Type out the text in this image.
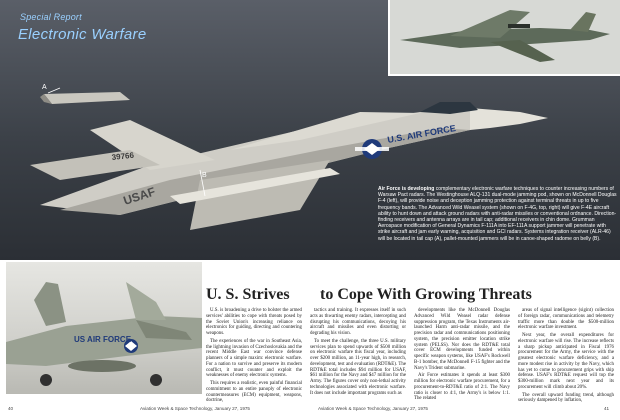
39766
U.S. AIR FORCE
USAF
Special Report
Electronic Warfare
A
B
Air Force is developing complementary electronic warfare techniques to counter increasing numbers of Warsaw Pact radars. The Westinghouse ALQ-131 dual-mode jamming pod, shown on McDonnell Douglas F-4 (left), will provide noise and deception jamming protection against terminal threats in up to five frequency bands. The Advanced Wild Weasel system (shown on F-4G, top, right) will give F-4E aircraft ability to hunt down and attack ground radars with anti-radar missiles or conventional ordnance. Direction-finding receivers and antenna arrays are in tail cap; additional receivers in chin dome. Grumman Aerospace modification of General Dynamics F-111A into EF-111A support jammer will penetrate with strike aircraft and jam early warning, acquisition and GCI radars. Systems integration receiver (ALR-46) will be located in tail cap (A), pallet-mounted jammers will be in canoe-shaped radome on belly (B).
US AIR FORCE
U. S. Strives to Cope With Growing Threats

U.S. is broadening a drive to bolster the armed services' abilities to cope with threats posed by the Soviet Union's increasing reliance on electronics for guiding, directing and countering weapons.

The experiences of the war in Southeast Asia, the lightning invasion of Czechoslovakia and the recent Middle East war convince defense planners of a simple maxim: electronic warfare. For a nation to survive and preserve its modern conflict, it must counter and exploit the weaknesses of enemy electronic systems.

This requires a realistic, even painful financial commitment to an entire panoply of electronic countermeasures (ECM) equipment, weapons, doctrine,

tactics and training. It expresses itself in such acts as thwarting enemy radars, intercepting and disrupting his communications, decoying his aircraft and missiles and even distorting or degrading his vision.

To meet the challenge, the three U.S. military services plan to spend upwards of $500 million on electronic warfare this fiscal year, including over $200 million, an 11-year high, in research, development, test and evaluation (RDT&E). The RDT&E total includes $94 million for USAF, $61 million for the Navy and $47 million for the Army. The figures cover only non-lethal activity technologies associated with electronic warfare. It does not include important programs such as

developments like the McDonnell Douglas Advanced Wild Weasel radar defense suppression program, the Texas Instruments air-launched Harm anti-radar missile, and the precision radar and communications positioning system, the precision emitter location strike system (PELSS). Nor does the RDT&E total cover ECM developments funded within specific weapon systems, like USAF's Rockwell B-1 bomber, the McDonnell F-15 fighter and the Navy's Trident submarine.

Air Force estimates it spends at least $300 million for electronic warfare procurement, for a procurement-to-RDT&E ratio of 2:1. The Navy ratio is closer to 4:1, the Army's is below 1:1. The related

areas of signal intelligence (sigint) collection of foreign radar, communications and telemetry traffic more than double the $500-million electronic warfare investment.

Next year, the overall expenditures for electronic warfare will rise. The increase reflects a sharp pickup anticipated in Fiscal 1976 procurement for the Army, the service with the greatest electronic warfare deficiency, and a more modest rise in activity by the Navy, which has yet to come to procurement grips with ship defense. USAF's RDT&E request will top the $300-million mark next year and its procurement will climb about 20%.

The overall upward funding trend, although seriously dampened by inflation,

40	Aviation Week & Space Technology, January 27, 1975	Aviation Week & Space Technology, January 27, 1975	41
